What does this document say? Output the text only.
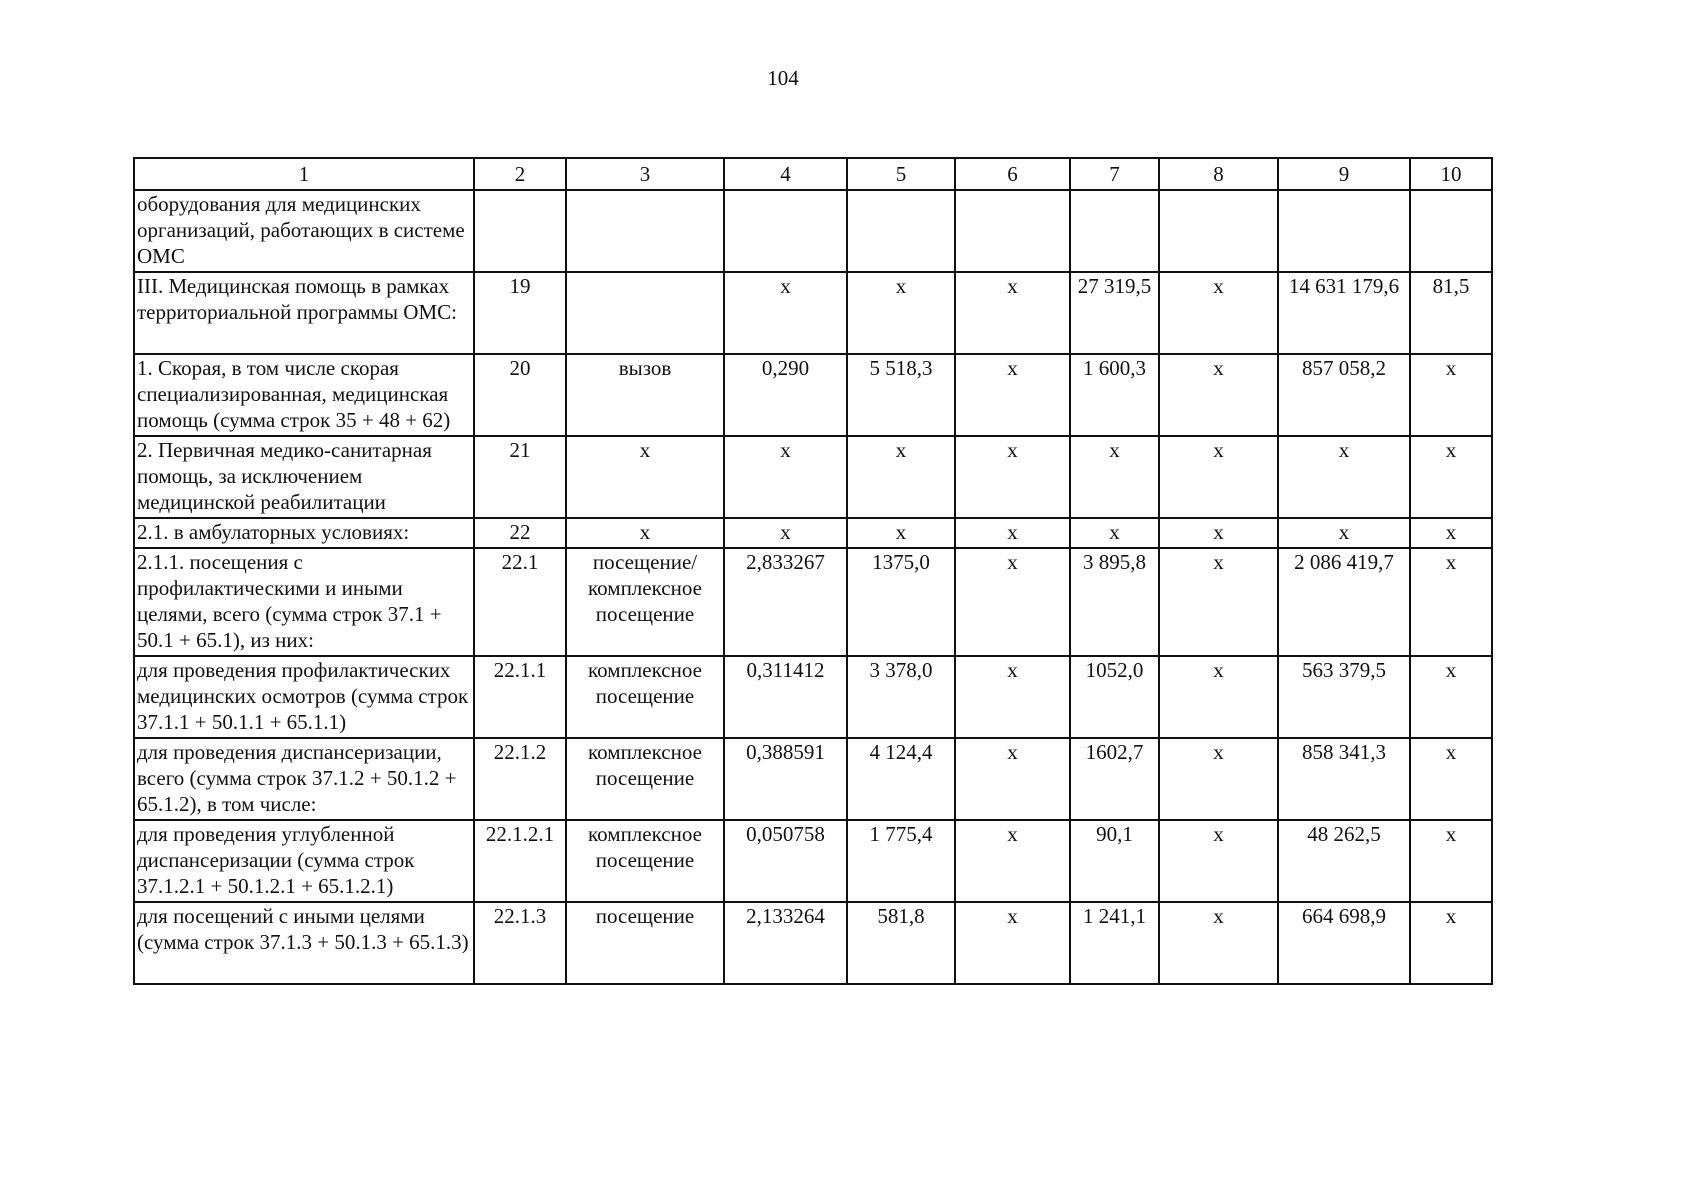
104
1	2	3	4	5	6	7	8	9	10
оборудования для медицинских организаций, работающих в системе ОМС									
III. Медицинская помощь в рамках территориальной программы ОМС:	19		х	х	х	27 319,5	х	14 631 179,6	81,5
1. Скорая, в том числе скорая специализированная, медицинская помощь (сумма строк 35 + 48 + 62)	20	вызов	0,290	5 518,3	х	1 600,3	х	857 058,2	х
2. Первичная медико-санитарная помощь, за исключением медицинской реабилитации	21	х	х	х	х	х	х	х	х
2.1. в амбулаторных условиях:	22	х	х	х	х	х	х	х	х
2.1.1. посещения с профилактическими и иными целями, всего (сумма строк 37.1 + 50.1 + 65.1), из них:	22.1	посещение/ комплексное посещение	2,833267	1375,0	х	3 895,8	х	2 086 419,7	х
для проведения профилактических медицинских осмотров (сумма строк 37.1.1 + 50.1.1 + 65.1.1)	22.1.1	комплексное посещение	0,311412	3 378,0	х	1052,0	х	563 379,5	х
для проведения диспансеризации, всего (сумма строк 37.1.2 + 50.1.2 + 65.1.2), в том числе:	22.1.2	комплексное посещение	0,388591	4 124,4	х	1602,7	х	858 341,3	х
для проведения углубленной диспансеризации (сумма строк 37.1.2.1 + 50.1.2.1 + 65.1.2.1)	22.1.2.1	комплексное посещение	0,050758	1 775,4	х	90,1	х	48 262,5	х
для посещений с иными целями (сумма строк 37.1.3 + 50.1.3 + 65.1.3)	22.1.3	посещение	2,133264	581,8	х	1 241,1	х	664 698,9	х
